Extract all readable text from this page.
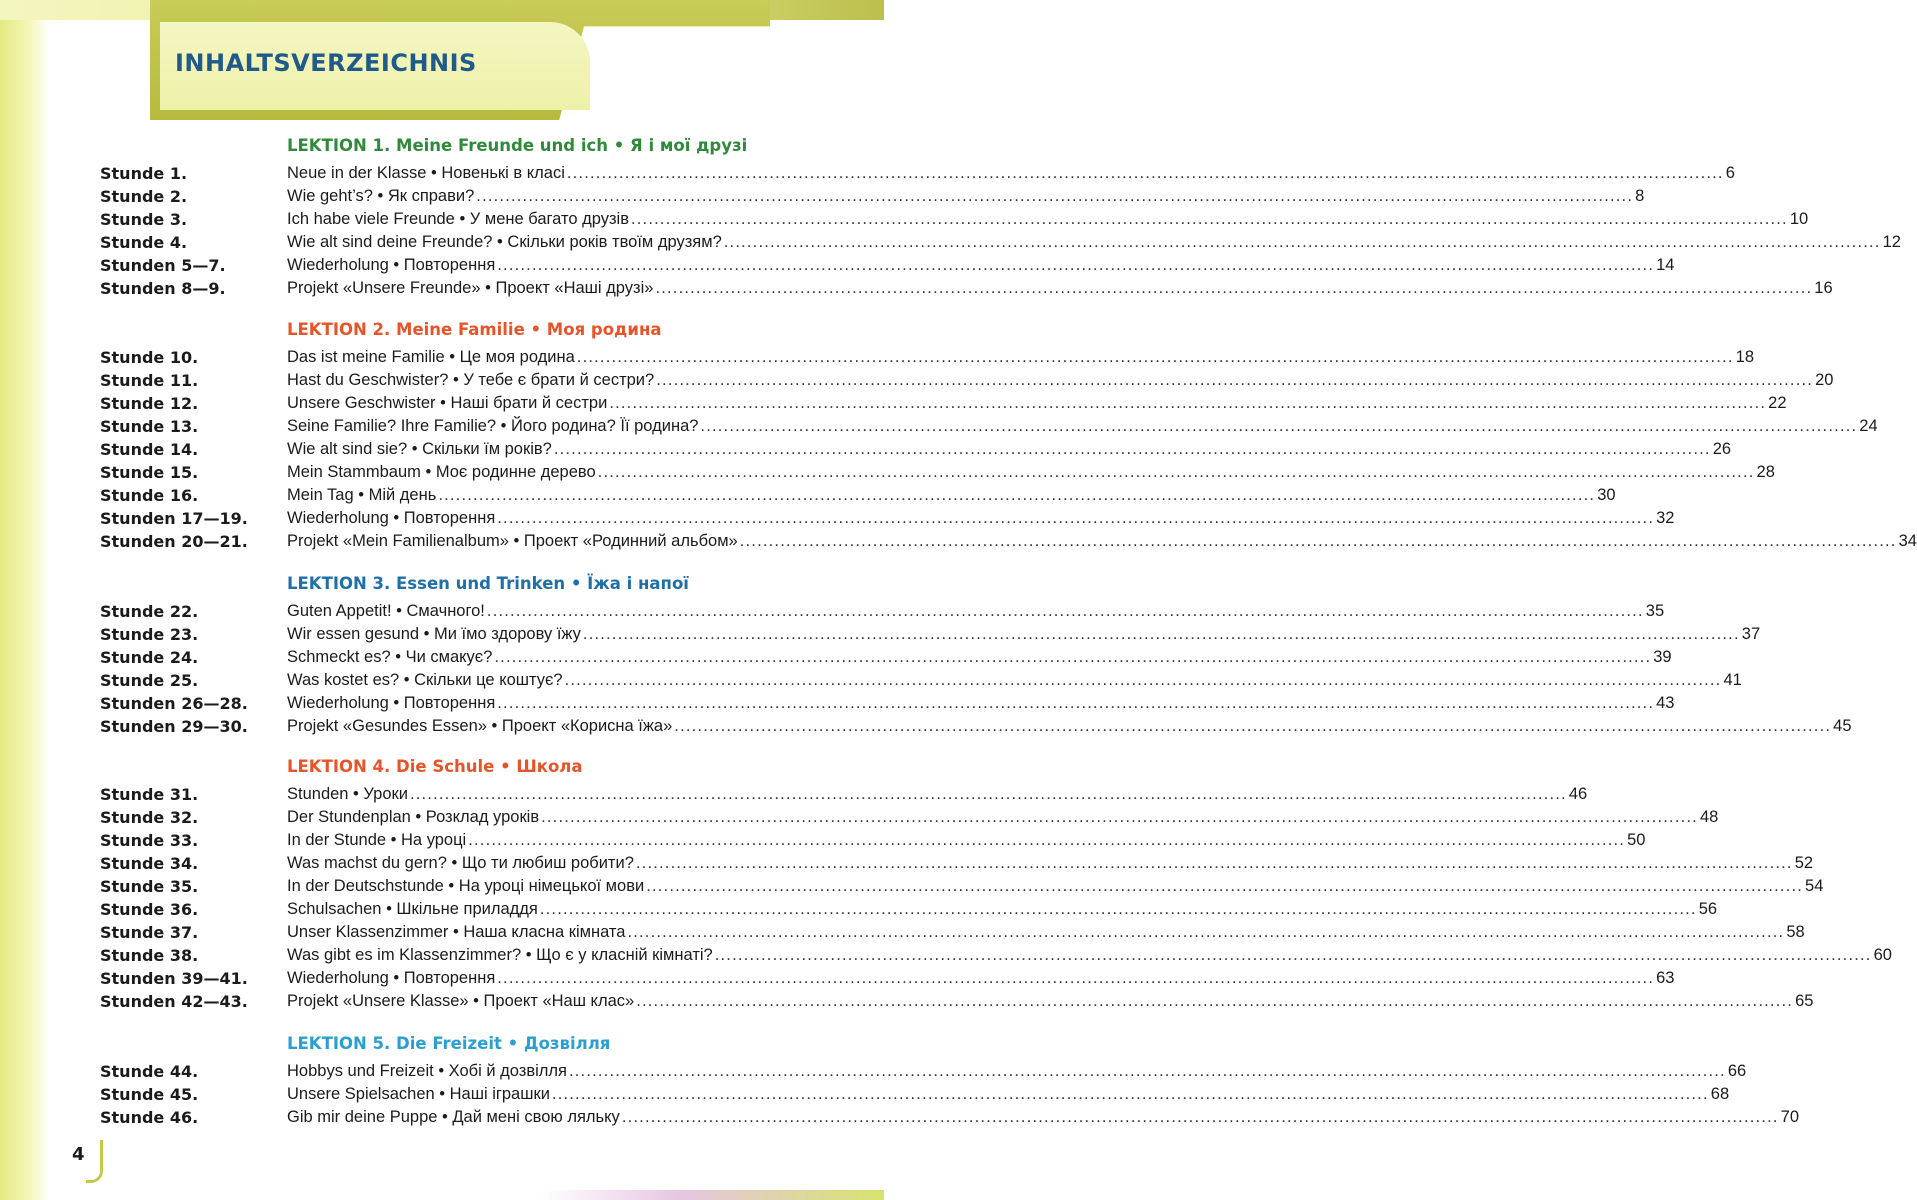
INHALTSVERZEICHNIS
4
LEKTION 1. Meine Freunde und ich • Я і мої друзі
Stunde 1.	Neue in der Klasse • Новенькі в класі ........................................................................................................................................................................................................ 6
Stunde 2.	Wie geht’s? • Як справи? ........................................................................................................................................................................................................ 8
Stunde 3.	Ich habe viele Freunde • У мене багато друзів ........................................................................................................................................................................................................ 10
Stunde 4.	Wie alt sind deine Freunde? • Скільки років твоїм друзям? ........................................................................................................................................................................................................ 12
Stunden 5—7.	Wiederholung • Повторення ........................................................................................................................................................................................................ 14
Stunden 8—9.	Projekt «Unsere Freunde» • Проект «Наші друзі» ........................................................................................................................................................................................................ 16
LEKTION 2. Meine Familie • Моя родина
Stunde 10.	Das ist meine Familie • Це моя родина ........................................................................................................................................................................................................ 18
Stunde 11.	Hast du Geschwister? • У тебе є брати й сестри? ........................................................................................................................................................................................................ 20
Stunde 12.	Unsere Geschwister • Наші брати й сестри ........................................................................................................................................................................................................ 22
Stunde 13.	Seine Familie? Ihre Familie? • Його родина? Її родина? ........................................................................................................................................................................................................ 24
Stunde 14.	Wie alt sind sie? • Скільки їм років? ........................................................................................................................................................................................................ 26
Stunde 15.	Mein Stammbaum • Моє родинне дерево ........................................................................................................................................................................................................ 28
Stunde 16.	Mein Tag • Мій день ........................................................................................................................................................................................................ 30
Stunden 17—19.	Wiederholung • Повторення ........................................................................................................................................................................................................ 32
Stunden 20—21.	Projekt «Mein Familienalbum» • Проект «Родинний альбом» ........................................................................................................................................................................................................ 34
LEKTION 3. Essen und Trinken • Їжа і напої
Stunde 22.	Guten Appetit! • Смачного! ........................................................................................................................................................................................................ 35
Stunde 23.	Wir essen gesund • Ми їмо здорову їжу ........................................................................................................................................................................................................ 37
Stunde 24.	Schmeckt es? • Чи смакує? ........................................................................................................................................................................................................ 39
Stunde 25.	Was kostet es? • Скільки це коштує? ........................................................................................................................................................................................................ 41
Stunden 26—28.	Wiederholung • Повторення ........................................................................................................................................................................................................ 43
Stunden 29—30.	Projekt «Gesundes Essen» • Проект «Корисна їжа» ........................................................................................................................................................................................................ 45
LEKTION 4. Die Schule • Школа
Stunde 31.	Stunden • Уроки ........................................................................................................................................................................................................ 46
Stunde 32.	Der Stundenplan • Розклад уроків ........................................................................................................................................................................................................ 48
Stunde 33.	In der Stunde • На уроці ........................................................................................................................................................................................................ 50
Stunde 34.	Was machst du gern? • Що ти любиш робити? ........................................................................................................................................................................................................ 52
Stunde 35.	In der Deutschstunde • На уроці німецької мови ........................................................................................................................................................................................................ 54
Stunde 36.	Schulsachen • Шкільне приладдя ........................................................................................................................................................................................................ 56
Stunde 37.	Unser Klassenzimmer • Наша класна кімната ........................................................................................................................................................................................................ 58
Stunde 38.	Was gibt es im Klassenzimmer? • Що є у класній кімнаті? ........................................................................................................................................................................................................ 60
Stunden 39—41.	Wiederholung • Повторення ........................................................................................................................................................................................................ 63
Stunden 42—43.	Projekt «Unsere Klasse» • Проект «Наш клас» ........................................................................................................................................................................................................ 65
LEKTION 5. Die Freizeit • Дозвілля
Stunde 44.	Hobbys und Freizeit • Хобі й дозвілля ........................................................................................................................................................................................................ 66
Stunde 45.	Unsere Spielsachen • Наші іграшки ........................................................................................................................................................................................................ 68
Stunde 46.	Gib mir deine Puppe • Дай мені свою ляльку ........................................................................................................................................................................................................ 70
